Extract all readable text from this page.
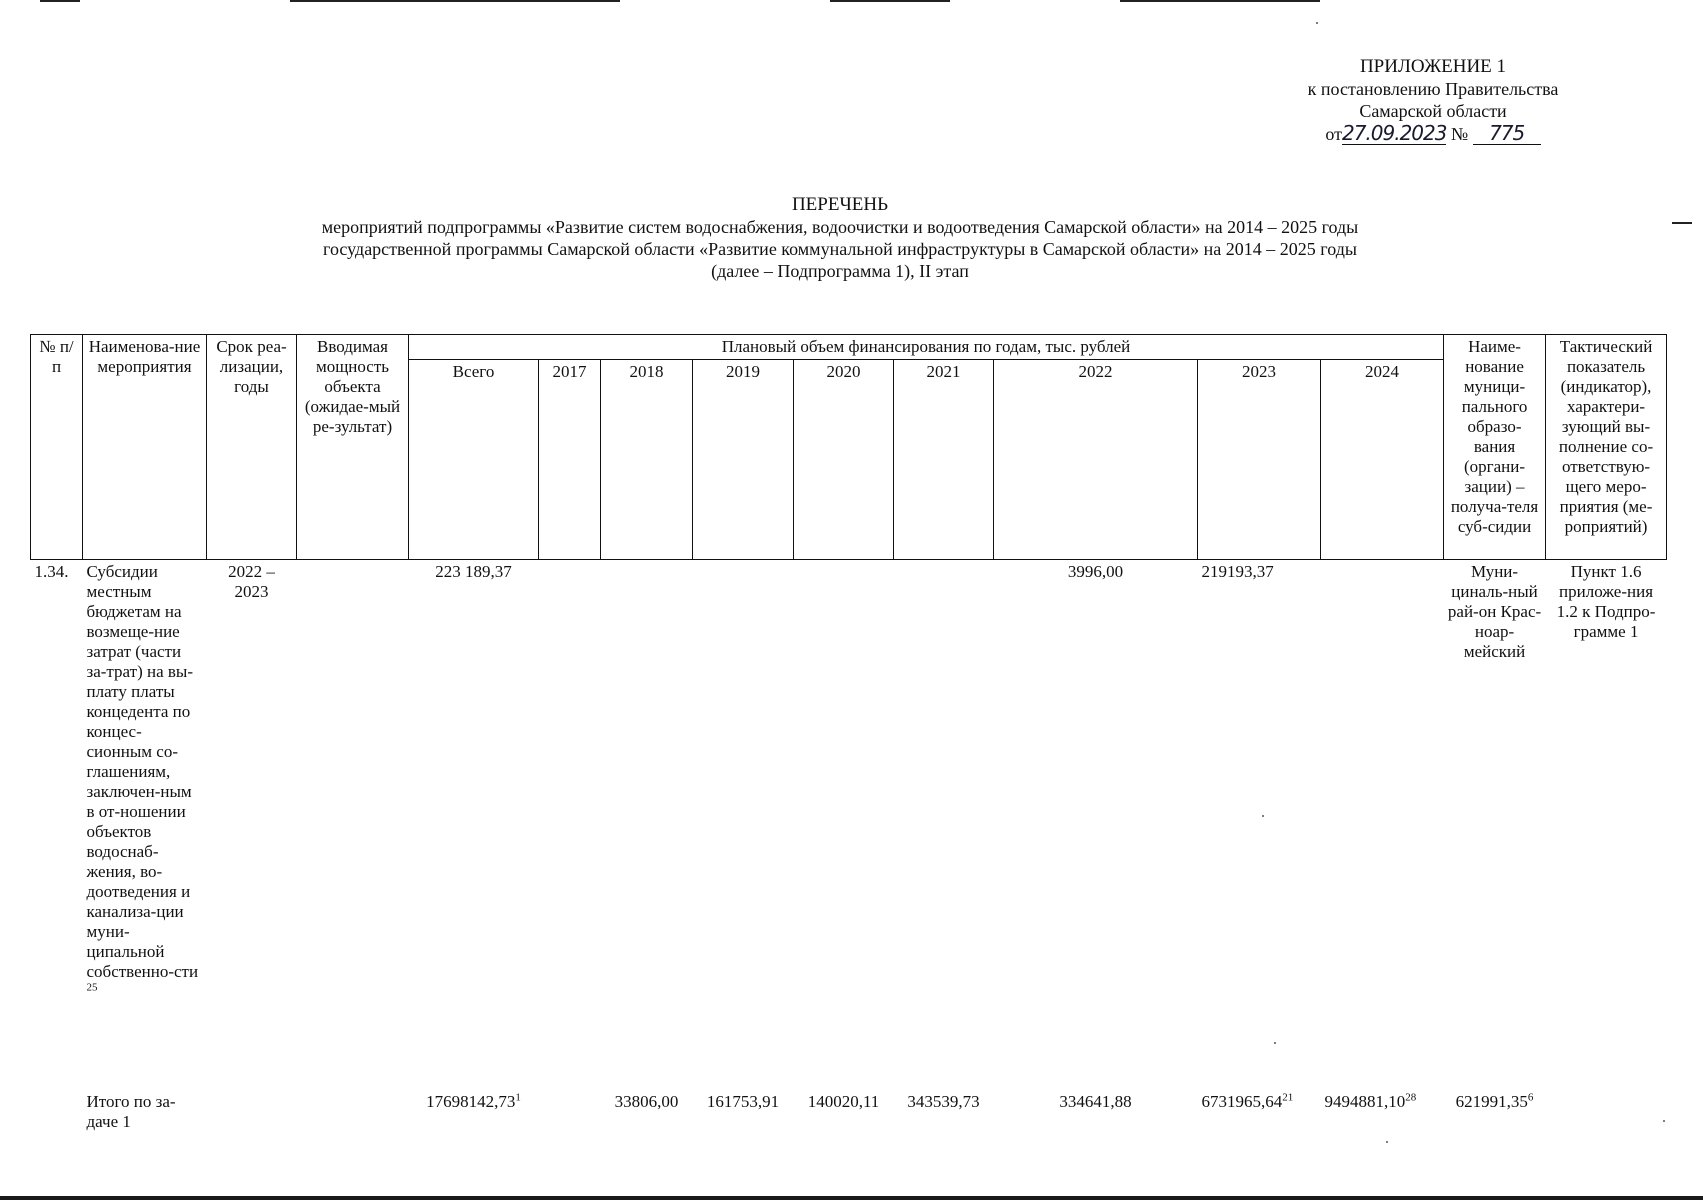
ПРИЛОЖЕНИЕ 1
к постановлению Правительства
Самарской области
от27.09.2023 № 775
ПЕРЕЧЕНЬ
мероприятий подпрограммы «Развитие систем водоснабжения, водоочистки и водоотведения Самарской области» на 2014 – 2025 годы
государственной программы Самарской области «Развитие коммунальной инфраструктуры в Самарской области» на 2014 – 2025 годы
(далее – Подпрограмма 1), II этап
№ п/п	Наименова-ние мероприятия	Срок реа-лизации, годы	Вводимая мощность объекта (ожидае-мый ре-зультат)	Плановый объем финансирования по годам, тыс. рублей									Наиме-нование муници-пального образо-вания (органи-зации) – получа-теля суб-сидии	Тактический показатель (индикатор), характери-зующий вы-полнение со-ответствую-щего меро-приятия (ме-роприятий)
				Всего	2017	2018	2019	2020	2021	2022	2023	2024		
1.34.	Субсидии местным бюджетам на возмеще-ние затрат (части за-трат) на вы-плату платы концедента по концес-сионным со-глашениям, заключен-ным в от-ношении объектов водоснаб-жения, во-доотведения и канализа-ции муни-ципальной собственно-сти $^{25}$	2022 – 2023		223 189,37						3996,00	219193,37		Муни-циналь-ный рай-он Крас-ноар-мейский	Пункт 1.6 приложе-ния 1.2 к Подпро-грамме 1
	Итого по за-даче 1			17698142,73$^1$		33806,00	161753,91	140020,11	343539,73	334641,88	6731965,64$^{21}$	9494881,10$^{28}$	621991,35$^6$	
